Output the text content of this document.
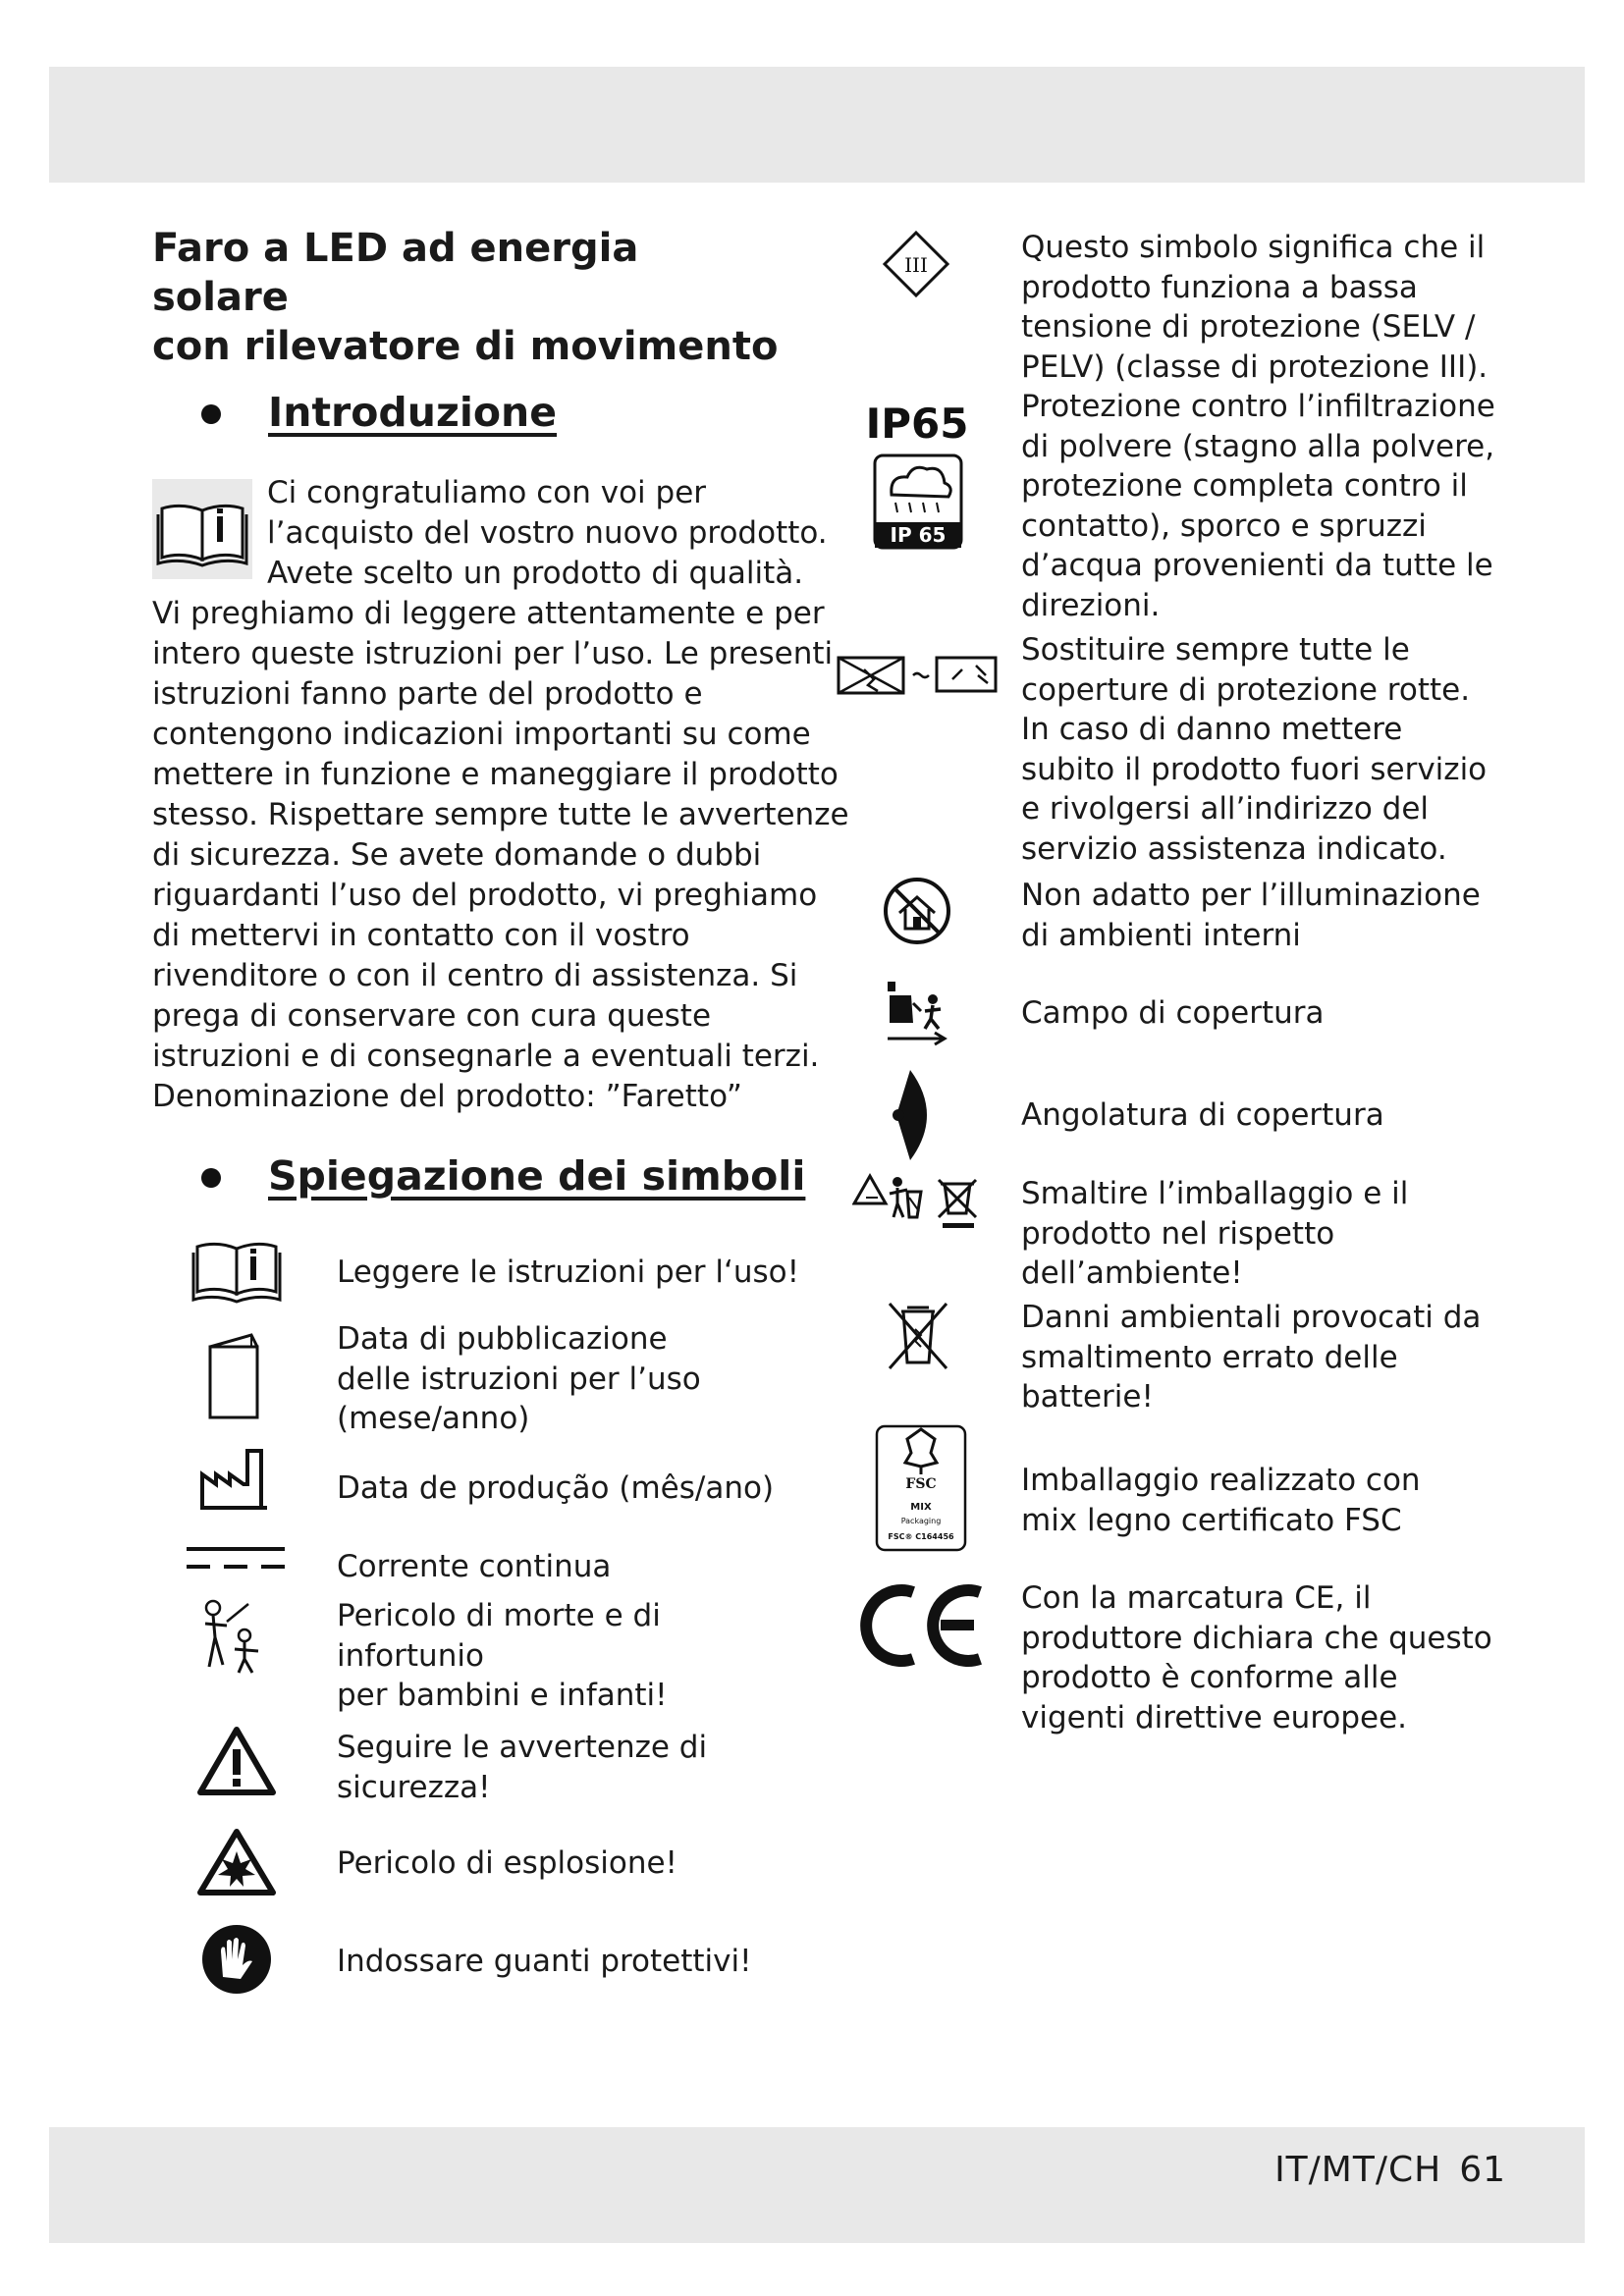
Faro a LED ad energia solare
con rilevatore di movimento
Introduzione
Ci congratuliamo con voi per
l’acquisto del vostro nuovo prodotto.
Avete scelto un prodotto di qualità.
Vi preghiamo di leggere attentamente e per
intero queste istruzioni per l’uso. Le presenti
istruzioni fanno parte del prodotto e
contengono indicazioni importanti su come
mettere in funzione e maneggiare il prodotto
stesso. Rispettare sempre tutte le avvertenze
di sicurezza. Se avete domande o dubbi
riguardanti l’uso del prodotto, vi preghiamo
di mettervi in contatto con il vostro
rivenditore o con il centro di assistenza. Si
prega di conservare con cura queste
istruzioni e di consegnarle a eventuali terzi.
Denominazione del prodotto: ”Faretto”
Spiegazione dei simboli
Leggere le istruzioni per l‘uso!
Data di pubblicazione
delle istruzioni per l’uso
(mese/anno)
Data de produção (mês/ano)
Corrente continua
Pericolo di morte e di
infortunio
per bambini e infanti!
Seguire le avvertenze di
sicurezza!
Pericolo di esplosione!
Indossare guanti protettivi!
III	Questo simbolo significa che il
prodotto funziona a bassa
tensione di protezione (SELV /
PELV) (classe di protezione III).
IP65
IP 65
Protezione contro l’infiltrazione
di polvere (stagno alla polvere,
protezione completa contro il
contatto), sporco e spruzzi
d’acqua provenienti da tutte le
direzioni.
Sostituire sempre tutte le
coperture di protezione rotte.
In caso di danno mettere
subito il prodotto fuori servizio
e rivolgersi all’indirizzo del
servizio assistenza indicato.
Non adatto per l’illuminazione
di ambienti interni
Campo di copertura
Angolatura di copertura
Smaltire l’imballaggio e il
prodotto nel rispetto
dell’ambiente!
Danni ambientali provocati da
smaltimento errato delle
batterie!
FSC
MIX
Packaging
FSC® C164456
Imballaggio realizzato con
mix legno certificato FSC
Con la marcatura CE, il
produttore dichiara che questo
prodotto è conforme alle
vigenti direttive europee.
IT/MT/CH 61
